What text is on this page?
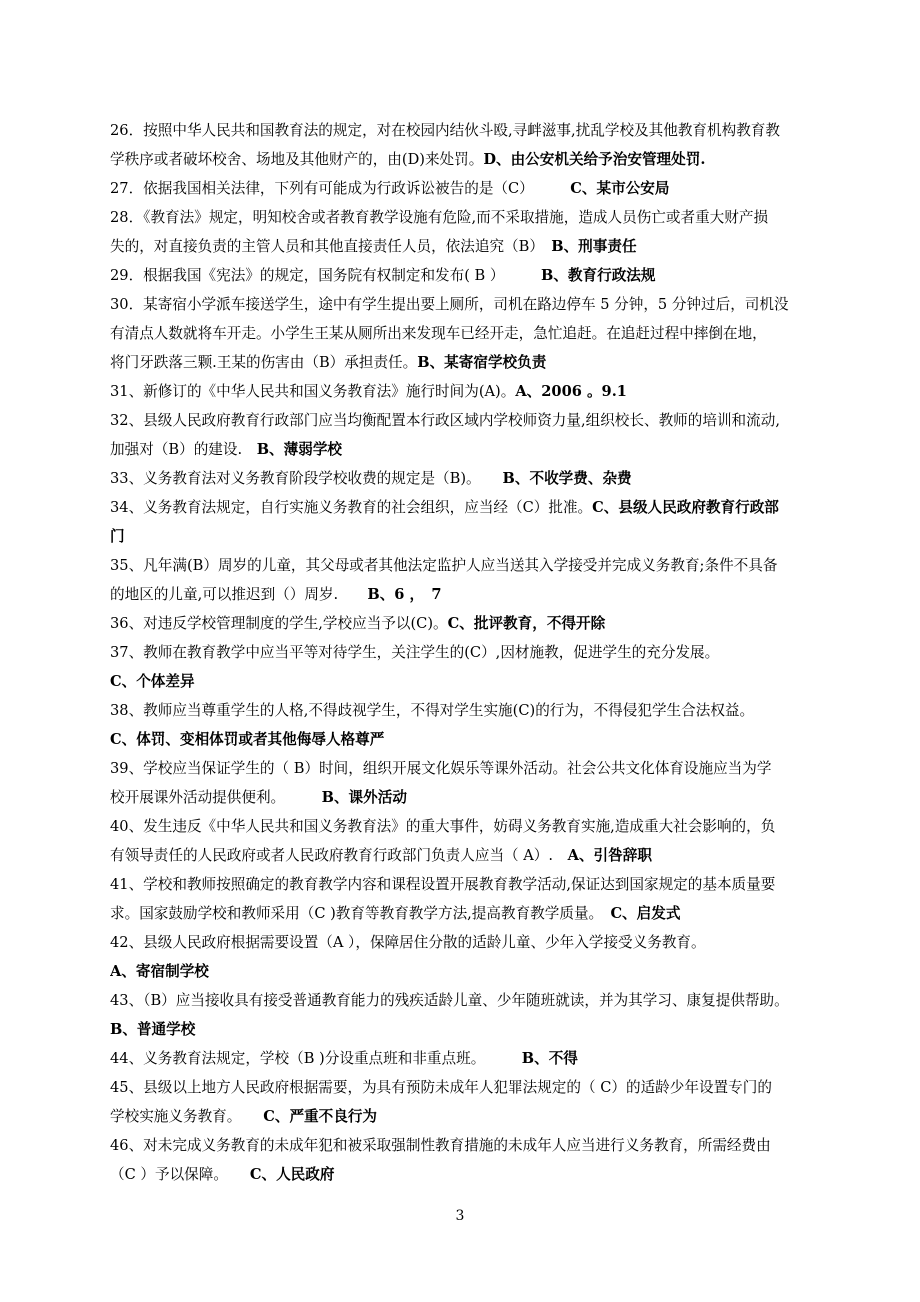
26．按照中华人民共和国教育法的规定，对在校园内结伙斗殴,寻衅滋事,扰乱学校及其他教育机构教育教
学秩序或者破坏校舍、场地及其他财产的，由(D)来处罚。D、由公安机关给予治安管理处罚.
27．依据我国相关法律，下列有可能成为行政诉讼被告的是（C）　　　C、某市公安局
28．《教育法》规定，明知校舍或者教育教学设施有危险,而不采取措施，造成人员伤亡或者重大财产损
失的，对直接负责的主管人员和其他直接责任人员，依法追究（B）　B、刑事责任
29．根据我国《宪法》的规定，国务院有权制定和发布( B ）　　　B、教育行政法规
30．某寄宿小学派车接送学生，途中有学生提出要上厕所，司机在路边停车 5 分钟，5 分钟过后，司机没
有清点人数就将车开走。小学生王某从厕所出来发现车已经开走，急忙追赶。在追赶过程中摔倒在地，
将门牙跌落三颗.王某的伤害由（B）承担责任。B、某寄宿学校负责
31、新修订的《中华人民共和国义务教育法》施行时间为(A)。A、2006 。9.1
32、县级人民政府教育行政部门应当均衡配置本行政区域内学校师资力量,组织校长、教师的培训和流动,
加强对（B）的建设.　B、薄弱学校
33、义务教育法对义务教育阶段学校收费的规定是（B)。　　B、不收学费、杂费
34、义务教育法规定，自行实施义务教育的社会组织，应当经（C）批准。C、县级人民政府教育行政部
门
35、凡年满(B）周岁的儿童，其父母或者其他法定监护人应当送其入学接受并完成义务教育;条件不具备
的地区的儿童,可以推迟到（）周岁.　　B、6 ，　7
36、对违反学校管理制度的学生,学校应当予以(C)。C、批评教育，不得开除
37、教师在教育教学中应当平等对待学生，关注学生的(C）,因材施教，促进学生的充分发展。
C、个体差异
38、教师应当尊重学生的人格,不得歧视学生，不得对学生实施(C)的行为，不得侵犯学生合法权益。
C、体罚、变相体罚或者其他侮辱人格尊严
39、学校应当保证学生的（ B）时间，组织开展文化娱乐等课外活动。社会公共文化体育设施应当为学
校开展课外活动提供便利。　　　B、课外活动
40、发生违反《中华人民共和国义务教育法》的重大事件，妨碍义务教育实施,造成重大社会影响的，负
有领导责任的人民政府或者人民政府教育行政部门负责人应当（ A）.　A、引咎辞职
41、学校和教师按照确定的教育教学内容和课程设置开展教育教学活动,保证达到国家规定的基本质量要
求。国家鼓励学校和教师采用（C )教育等教育教学方法,提高教育教学质量。　C、启发式
42、县级人民政府根据需要设置（A ），保障居住分散的适龄儿童、少年入学接受义务教育。
A、寄宿制学校
43、（B）应当接收具有接受普通教育能力的残疾适龄儿童、少年随班就读，并为其学习、康复提供帮助。
B、普通学校
44、义务教育法规定，学校（B )分设重点班和非重点班。　　　B、不得
45、县级以上地方人民政府根据需要，为具有预防未成年人犯罪法规定的（ C）的适龄少年设置专门的
学校实施义务教育。　　C、严重不良行为
46、对未完成义务教育的未成年犯和被采取强制性教育措施的未成年人应当进行义务教育，所需经费由
（C ）予以保障。　　C、人民政府
3
